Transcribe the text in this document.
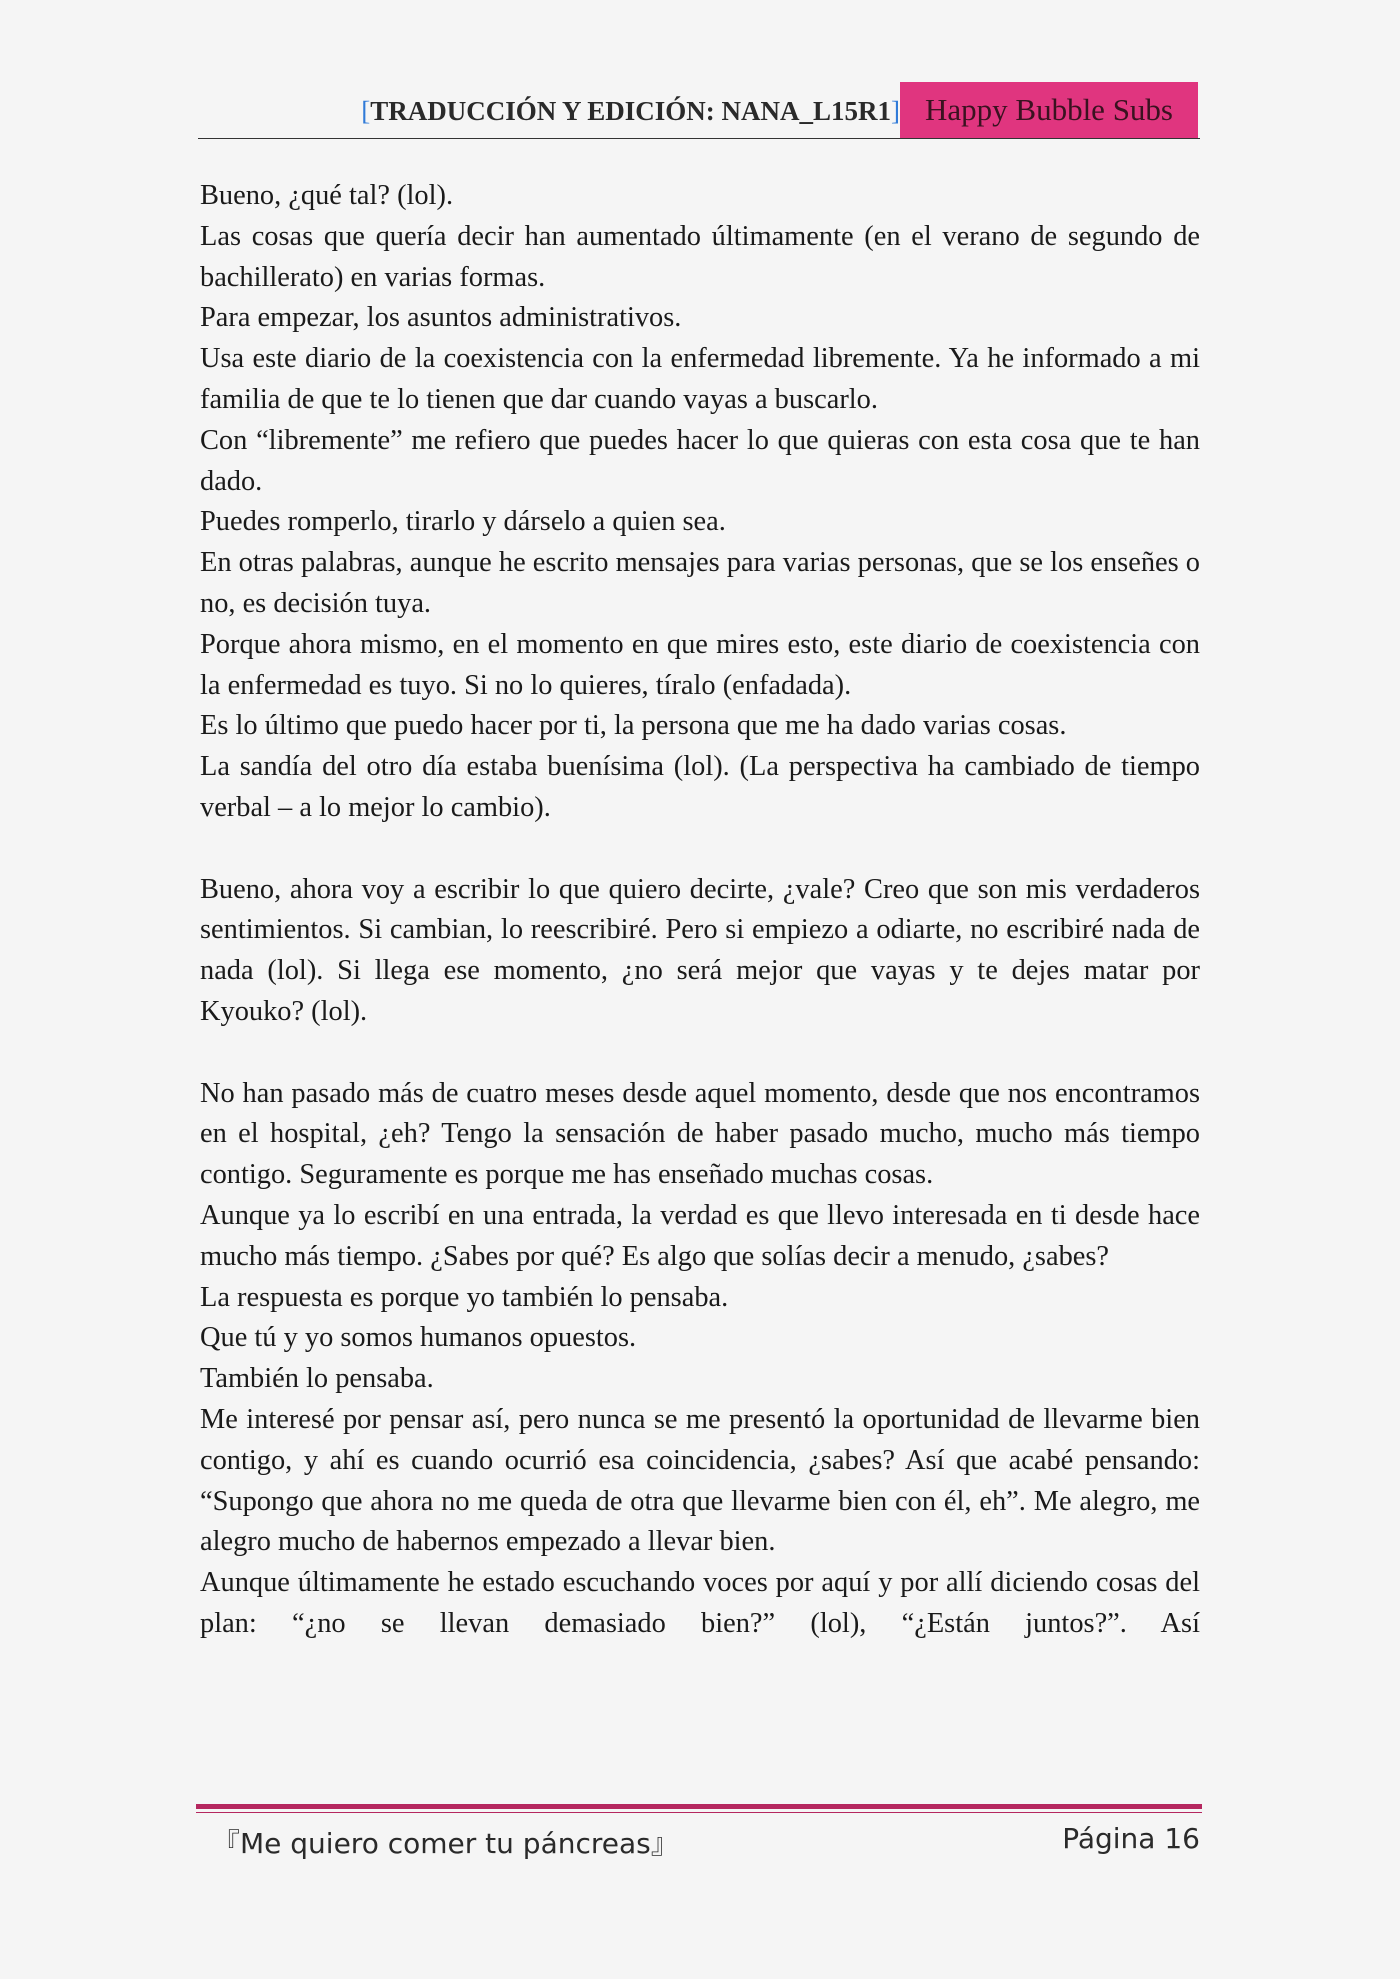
[TRADUCCIÓN Y EDICIÓN: NANA_L15R1] Happy Bubble Subs

Bueno, ¿qué tal? (lol).

Las cosas que quería decir han aumentado últimamente (en el verano de segundo de bachillerato) en varias formas.

Para empezar, los asuntos administrativos.

Usa este diario de la coexistencia con la enfermedad libremente. Ya he informado a mi familia de que te lo tienen que dar cuando vayas a buscarlo.

Con “libremente” me refiero que puedes hacer lo que quieras con esta cosa que te han dado.

Puedes romperlo, tirarlo y dárselo a quien sea.

En otras palabras, aunque he escrito mensajes para varias personas, que se los enseñes o no, es decisión tuya.

Porque ahora mismo, en el momento en que mires esto, este diario de coexistencia con la enfermedad es tuyo. Si no lo quieres, tíralo (enfadada).

Es lo último que puedo hacer por ti, la persona que me ha dado varias cosas.

La sandía del otro día estaba buenísima (lol). (La perspectiva ha cambiado de tiempo verbal – a lo mejor lo cambio).

Bueno, ahora voy a escribir lo que quiero decirte, ¿vale? Creo que son mis verdaderos sentimientos. Si cambian, lo reescribiré. Pero si empiezo a odiarte, no escribiré nada de nada (lol). Si llega ese momento, ¿no será mejor que vayas y te dejes matar por Kyouko? (lol).

No han pasado más de cuatro meses desde aquel momento, desde que nos encontramos en el hospital, ¿eh? Tengo la sensación de haber pasado mucho, mucho más tiempo contigo. Seguramente es porque me has enseñado muchas cosas.

Aunque ya lo escribí en una entrada, la verdad es que llevo interesada en ti desde hace mucho más tiempo. ¿Sabes por qué? Es algo que solías decir a menudo, ¿sabes?

La respuesta es porque yo también lo pensaba.

Que tú y yo somos humanos opuestos.

También lo pensaba.

Me interesé por pensar así, pero nunca se me presentó la oportunidad de llevarme bien contigo, y ahí es cuando ocurrió esa coincidencia, ¿sabes? Así que acabé pensando: “Supongo que ahora no me queda de otra que llevarme bien con él, eh”. Me alegro, me alegro mucho de habernos empezado a llevar bien.

Aunque últimamente he estado escuchando voces por aquí y por allí diciendo cosas del plan: “¿no se llevan demasiado bien?” (lol), “¿Están juntos?”. Así

『Me quiero comer tu páncreas』	Página 16
